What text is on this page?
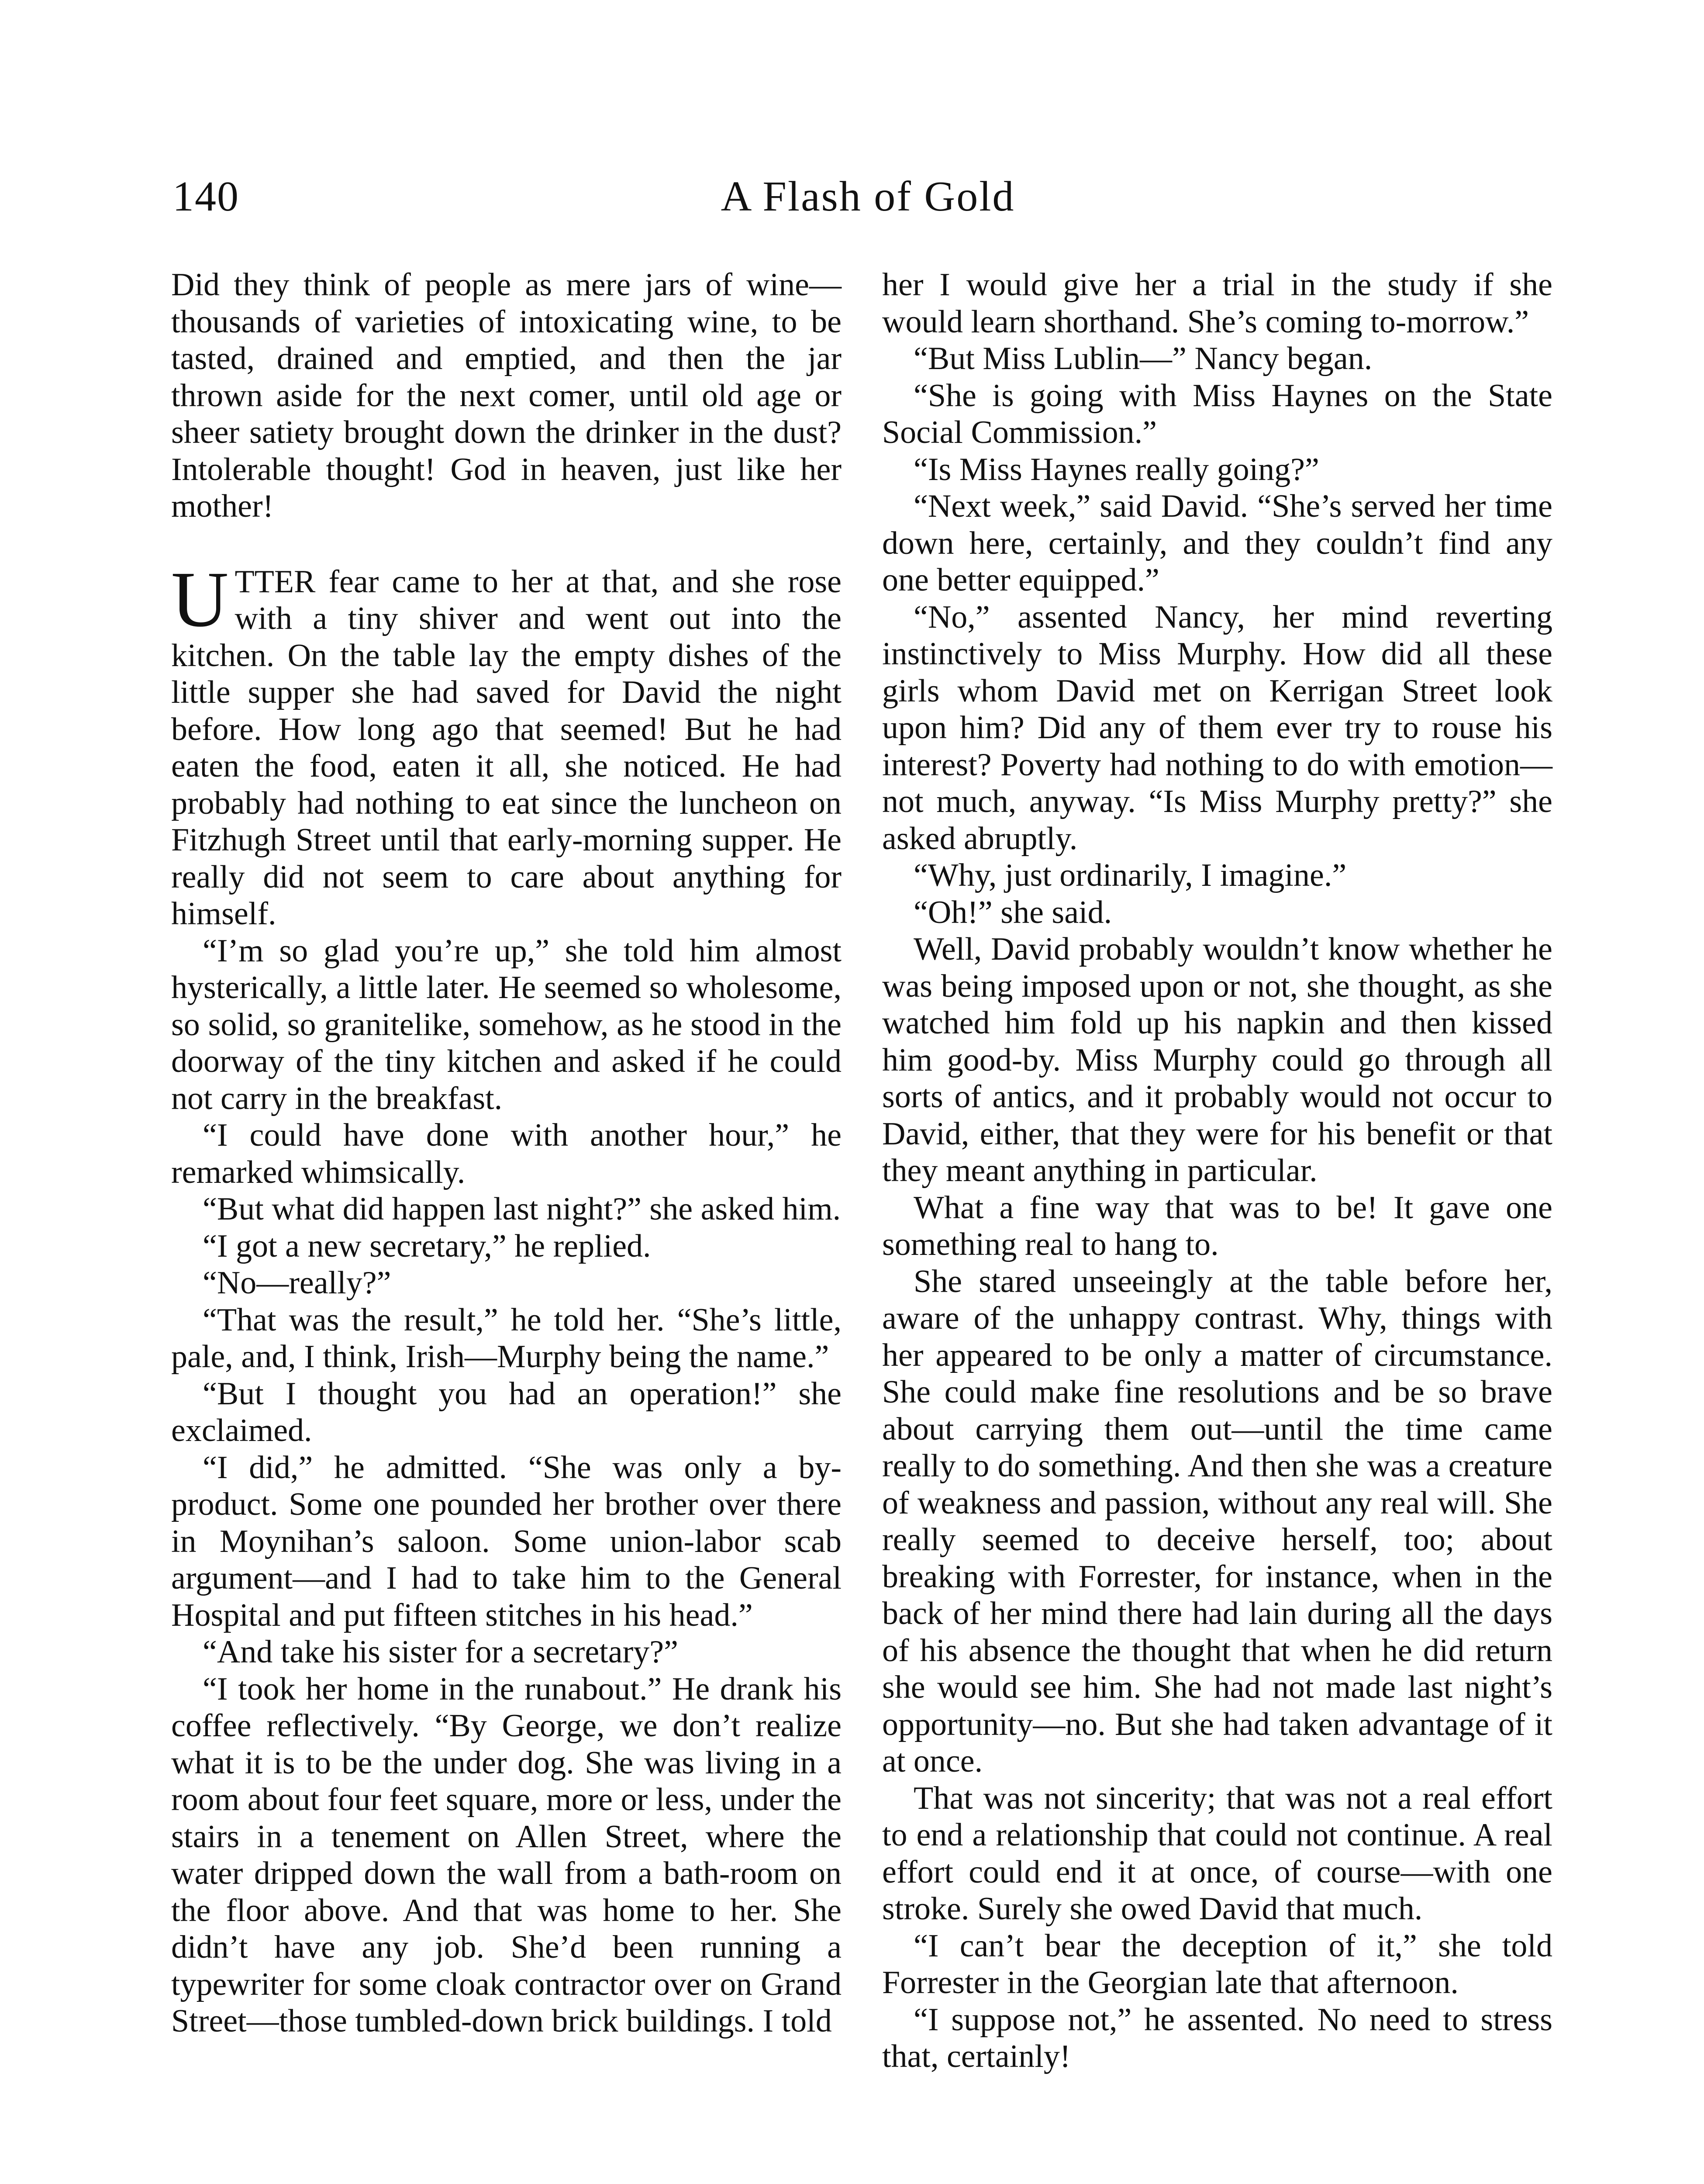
140	A Flash of Gold

Did they think of people as mere jars of wine—thousands of varieties of intoxicating wine, to be tasted, drained and emptied, and then the jar thrown aside for the next comer, until old age or sheer satiety brought down the drinker in the dust? Intolerable thought! God in heaven, just like her mother!

UTTER fear came to her at that, and she rose with a tiny shiver and went out into the kitchen. On the table lay the empty dishes of the little supper she had saved for David the night before. How long ago that seemed! But he had eaten the food, eaten it all, she noticed. He had probably had nothing to eat since the luncheon on Fitzhugh Street until that early-morning supper. He really did not seem to care about anything for himself.

“I’m so glad you’re up,” she told him almost hysterically, a little later. He seemed so wholesome, so solid, so granitelike, somehow, as he stood in the doorway of the tiny kitchen and asked if he could not carry in the breakfast.

“I could have done with another hour,” he remarked whimsically.

“But what did happen last night?” she asked him.

“I got a new secretary,” he replied.

“No—really?”

“That was the result,” he told her. “She’s little, pale, and, I think, Irish—Murphy being the name.”

“But I thought you had an operation!” she exclaimed.

“I did,” he admitted. “She was only a by-product. Some one pounded her brother over there in Moynihan’s saloon. Some union-labor scab argument—and I had to take him to the General Hospital and put fifteen stitches in his head.”

“And take his sister for a secretary?”

“I took her home in the runabout.” He drank his coffee reflectively. “By George, we don’t realize what it is to be the under dog. She was living in a room about four feet square, more or less, under the stairs in a tenement on Allen Street, where the water dripped down the wall from a bath-room on the floor above. And that was home to her. She didn’t have any job. She’d been running a typewriter for some cloak contractor over on Grand Street—those tumbled-down brick buildings. I told

her I would give her a trial in the study if she would learn shorthand. She’s coming to-morrow.”

“But Miss Lublin—” Nancy began.

“She is going with Miss Haynes on the State Social Commission.”

“Is Miss Haynes really going?”

“Next week,” said David. “She’s served her time down here, certainly, and they couldn’t find any one better equipped.”

“No,” assented Nancy, her mind reverting instinctively to Miss Murphy. How did all these girls whom David met on Kerrigan Street look upon him? Did any of them ever try to rouse his interest? Poverty had nothing to do with emotion—not much, anyway. “Is Miss Murphy pretty?” she asked abruptly.

“Why, just ordinarily, I imagine.”

“Oh!” she said.

Well, David probably wouldn’t know whether he was being imposed upon or not, she thought, as she watched him fold up his napkin and then kissed him good-by. Miss Murphy could go through all sorts of antics, and it probably would not occur to David, either, that they were for his benefit or that they meant anything in particular.

What a fine way that was to be! It gave one something real to hang to.

She stared unseeingly at the table before her, aware of the unhappy contrast. Why, things with her appeared to be only a matter of circumstance. She could make fine resolutions and be so brave about carrying them out—until the time came really to do something. And then she was a creature of weakness and passion, without any real will. She really seemed to deceive herself, too; about breaking with Forrester, for instance, when in the back of her mind there had lain during all the days of his absence the thought that when he did return she would see him. She had not made last night’s opportunity—no. But she had taken advantage of it at once.

That was not sincerity; that was not a real effort to end a relationship that could not continue. A real effort could end it at once, of course—with one stroke. Surely she owed David that much.

“I can’t bear the deception of it,” she told Forrester in the Georgian late that afternoon.

“I suppose not,” he assented. No need to stress that, certainly!
